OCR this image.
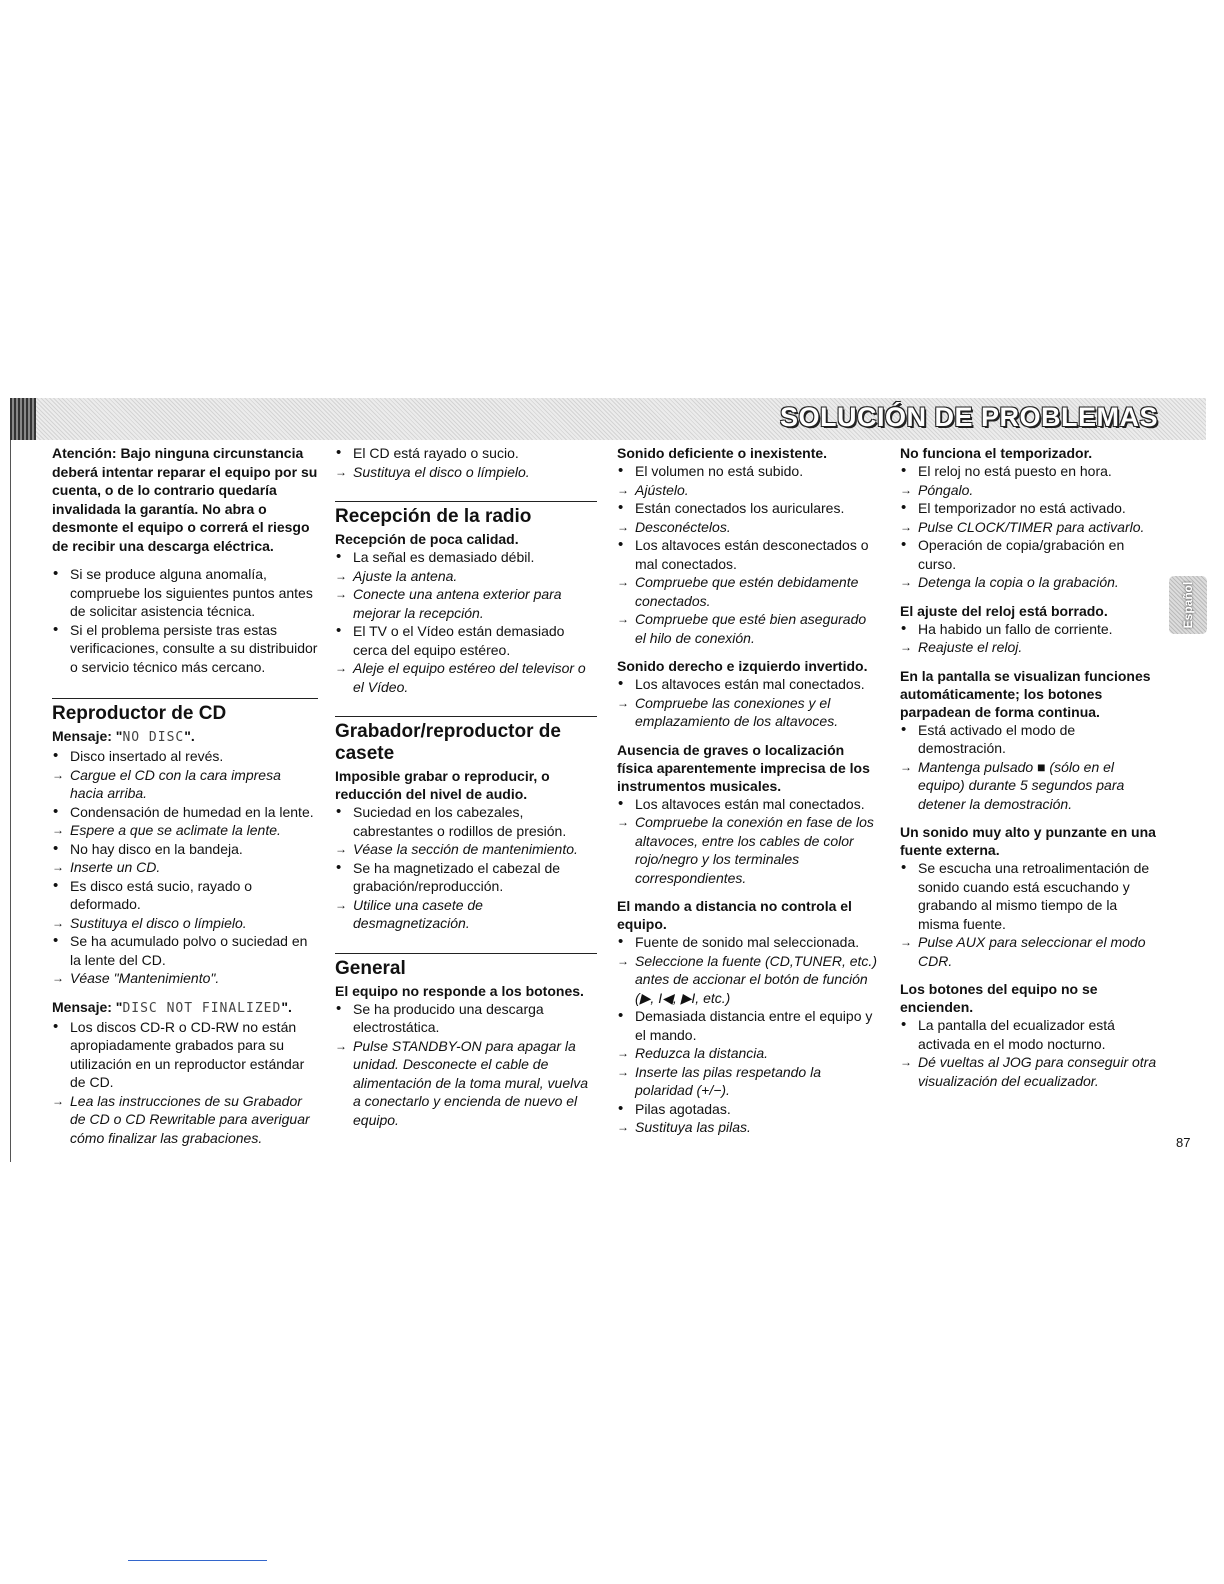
SOLUCIÓN DE PROBLEMAS
Español

Atención: Bajo ninguna circunstancia deberá intentar reparar el equipo por su cuenta, o de lo contrario quedaría invalidada la garantía. No abra o desmonte el equipo o correrá el riesgo de recibir una descarga eléctrica.

• Si se produce alguna anomalía, compruebe los siguientes puntos antes de solicitar asistencia técnica.
• Si el problema persiste tras estas verificaciones, consulte a su distribuidor o servicio técnico más cercano.
Reproductor de CD

Mensaje: "NO DISC".

• Disco insertado al revés.
→ Cargue el CD con la cara impresa hacia arriba.
• Condensación de humedad en la lente.
→ Espere a que se aclimate la lente.
• No hay disco en la bandeja.
→ Inserte un CD.
• Es disco está sucio, rayado o deformado.
→ Sustituya el disco o límpielo.
• Se ha acumulado polvo o suciedad en la lente del CD.
→ Véase "Mantenimiento".

Mensaje: "DISC NOT FINALIZED".

• Los discos CD-R o CD-RW no están apropiadamente grabados para su utilización en un reproductor estándar de CD.
→ Lea las instrucciones de su Grabador de CD o CD Rewritable para averiguar cómo finalizar las grabaciones.
• El CD está rayado o sucio.
→ Sustituya el disco o límpielo.
Recepción de la radio

Recepción de poca calidad.

• La señal es demasiado débil.
→ Ajuste la antena.
→ Conecte una antena exterior para mejorar la recepción.
• El TV o el Vídeo están demasiado cerca del equipo estéreo.
→ Aleje el equipo estéreo del televisor o el Vídeo.
Grabador/reproductor de casete

Imposible grabar o reproducir, o reducción del nivel de audio.

• Suciedad en los cabezales, cabrestantes o rodillos de presión.
→ Véase la sección de mantenimiento.
• Se ha magnetizado el cabezal de grabación/reproducción.
→ Utilice una casete de desmagnetización.
General

El equipo no responde a los botones.

• Se ha producido una descarga electrostática.
→ Pulse STANDBY-ON para apagar la unidad. Desconecte el cable de alimentación de la toma mural, vuelva a conectarlo y encienda de nuevo el equipo.

Sonido deficiente o inexistente.

• El volumen no está subido.
→ Ajústelo.
• Están conectados los auriculares.
→ Desconéctelos.
• Los altavoces están desconectados o mal conectados.
→ Compruebe que estén debidamente conectados.
→ Compruebe que esté bien asegurado el hilo de conexión.

Sonido derecho e izquierdo invertido.

• Los altavoces están mal conectados.
→ Compruebe las conexiones y el emplazamiento de los altavoces.

Ausencia de graves o localización física aparentemente imprecisa de los instrumentos musicales.

• Los altavoces están mal conectados.
→ Compruebe la conexión en fase de los altavoces, entre los cables de color rojo/negro y los terminales correspondientes.

El mando a distancia no controla el equipo.

• Fuente de sonido mal seleccionada.
→ Seleccione la fuente (CD,TUNER, etc.) antes de accionar el botón de función (▶, I◀, ▶I, etc.)
• Demasiada distancia entre el equipo y el mando.
→ Reduzca la distancia.
→ Inserte las pilas respetando la polaridad (+/−).
• Pilas agotadas.
→ Sustituya las pilas.

No funciona el temporizador.

• El reloj no está puesto en hora.
→ Póngalo.
• El temporizador no está activado.
→ Pulse CLOCK/TIMER para activarlo.
• Operación de copia/grabación en curso.
→ Detenga la copia o la grabación.

El ajuste del reloj está borrado.

• Ha habido un fallo de corriente.
→ Reajuste el reloj.

En la pantalla se visualizan funciones automáticamente; los botones parpadean de forma continua.

• Está activado el modo de demostración.
→ Mantenga pulsado ■ (sólo en el equipo) durante 5 segundos para detener la demostración.

Un sonido muy alto y punzante en una fuente externa.

• Se escucha una retroalimentación de sonido cuando está escuchando y grabando al mismo tiempo de la misma fuente.
→ Pulse AUX para seleccionar el modo CDR.

Los botones del equipo no se encienden.

• La pantalla del ecualizador está activada en el modo nocturno.
→ Dé vueltas al JOG para conseguir otra visualización del ecualizador.
87
